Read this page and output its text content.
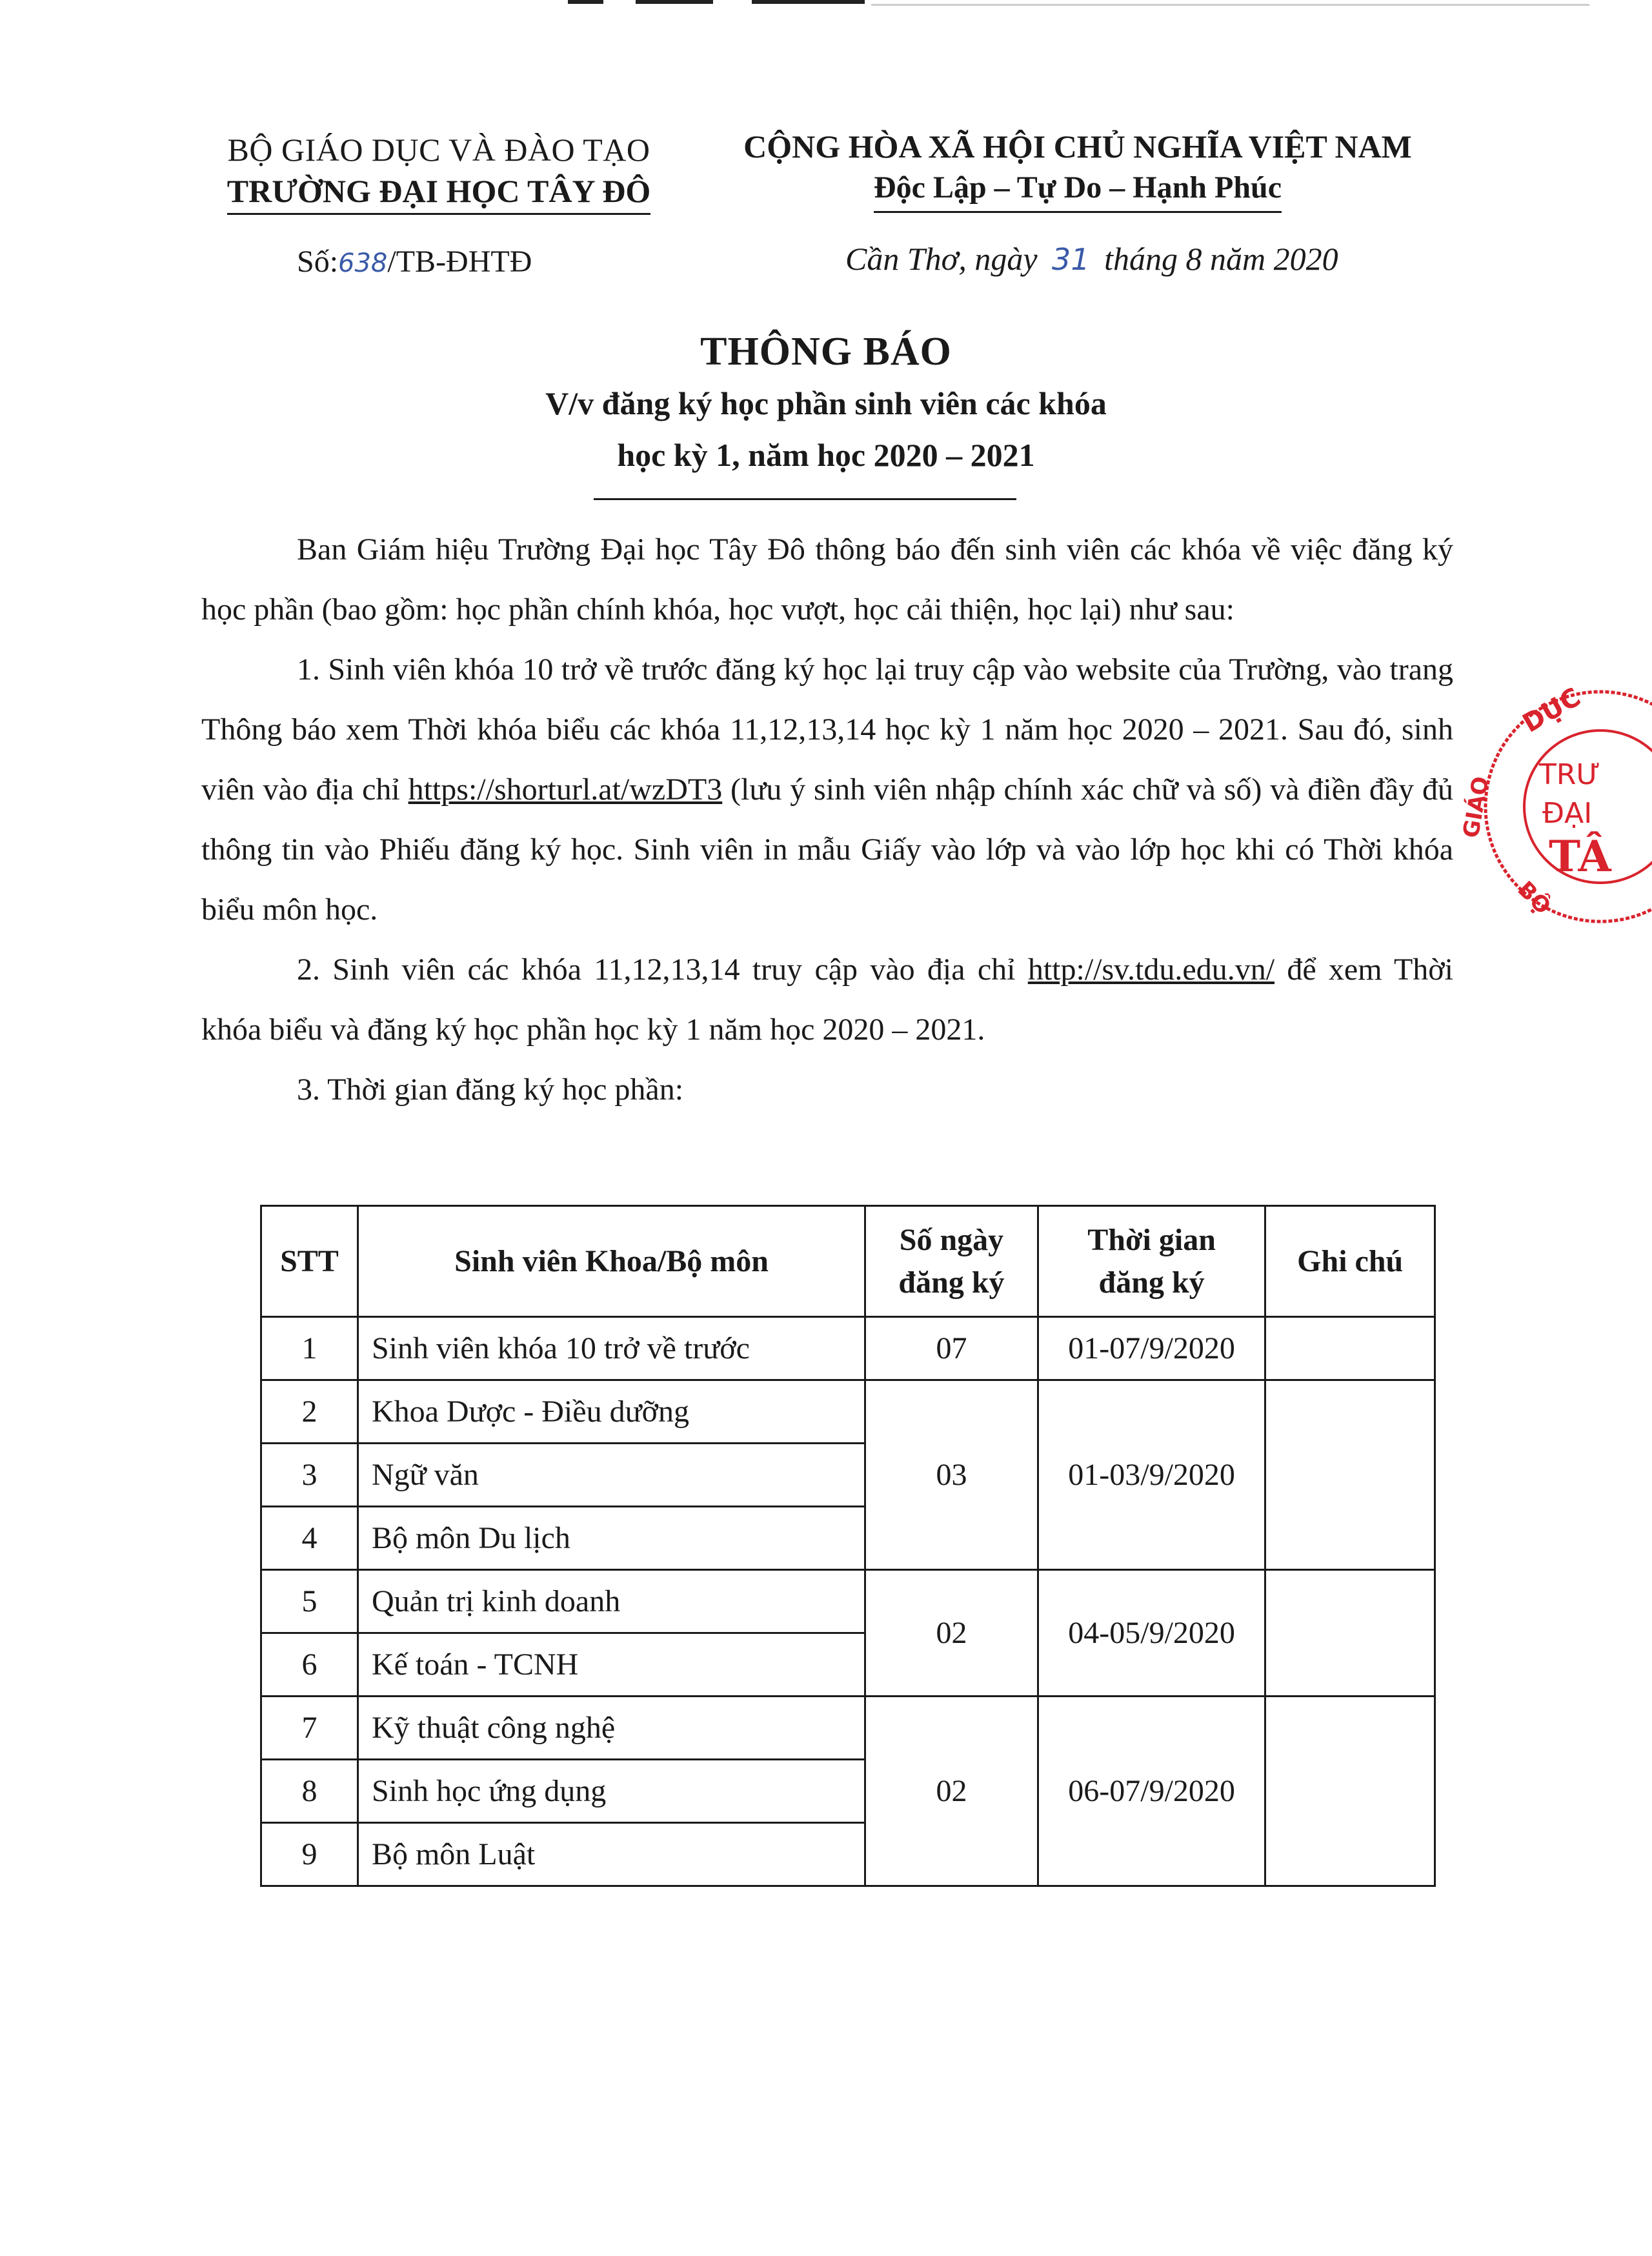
BỘ GIÁO DỤC VÀ ĐÀO TẠO
TRƯỜNG ĐẠI HỌC TÂY ĐÔ
CỘNG HÒA XÃ HỘI CHỦ NGHĨA VIỆT NAM
Độc Lập – Tự Do – Hạnh Phúc
Số:638/TB-ĐHTĐ	Cần Thơ, ngày 31 tháng 8 năm 2020
THÔNG BÁO
V/v đăng ký học phần sinh viên các khóa
học kỳ 1, năm học 2020 – 2021

Ban Giám hiệu Trường Đại học Tây Đô thông báo đến sinh viên các khóa về việc đăng ký học phần (bao gồm: học phần chính khóa, học vượt, học cải thiện, học lại) như sau:

1. Sinh viên khóa 10 trở về trước đăng ký học lại truy cập vào website của Trường, vào trang Thông báo xem Thời khóa biểu các khóa 11,12,13,14 học kỳ 1 năm học 2020 – 2021. Sau đó, sinh viên vào địa chỉ https://shorturl.at/wzDT3 (lưu ý sinh viên nhập chính xác chữ và số) và điền đầy đủ thông tin vào Phiếu đăng ký học. Sinh viên in mẫu Giấy vào lớp và vào lớp học khi có Thời khóa biểu môn học.

2. Sinh viên các khóa 11,12,13,14 truy cập vào địa chỉ http://sv.tdu.edu.vn/ để xem Thời khóa biểu và đăng ký học phần học kỳ 1 năm học 2020 – 2021.

3. Thời gian đăng ký học phần:

STT	Sinh viên Khoa/Bộ môn	Số ngày đăng ký	Thời gian đăng ký	Ghi chú
1	Sinh viên khóa 10 trở về trước	07	01-07/9/2020	
2	Khoa Dược - Điều dưỡng	03	01-03/9/2020	
3	Ngữ văn			
4	Bộ môn Du lịch			
5	Quản trị kinh doanh	02	04-05/9/2020	
6	Kế toán - TCNH			
7	Kỹ thuật công nghệ	02	06-07/9/2020	
8	Sinh học ứng dụng			
9	Bộ môn Luật			
DỤC
GIÁO
BỘ
TRƯ
ĐẠI
TÂ
